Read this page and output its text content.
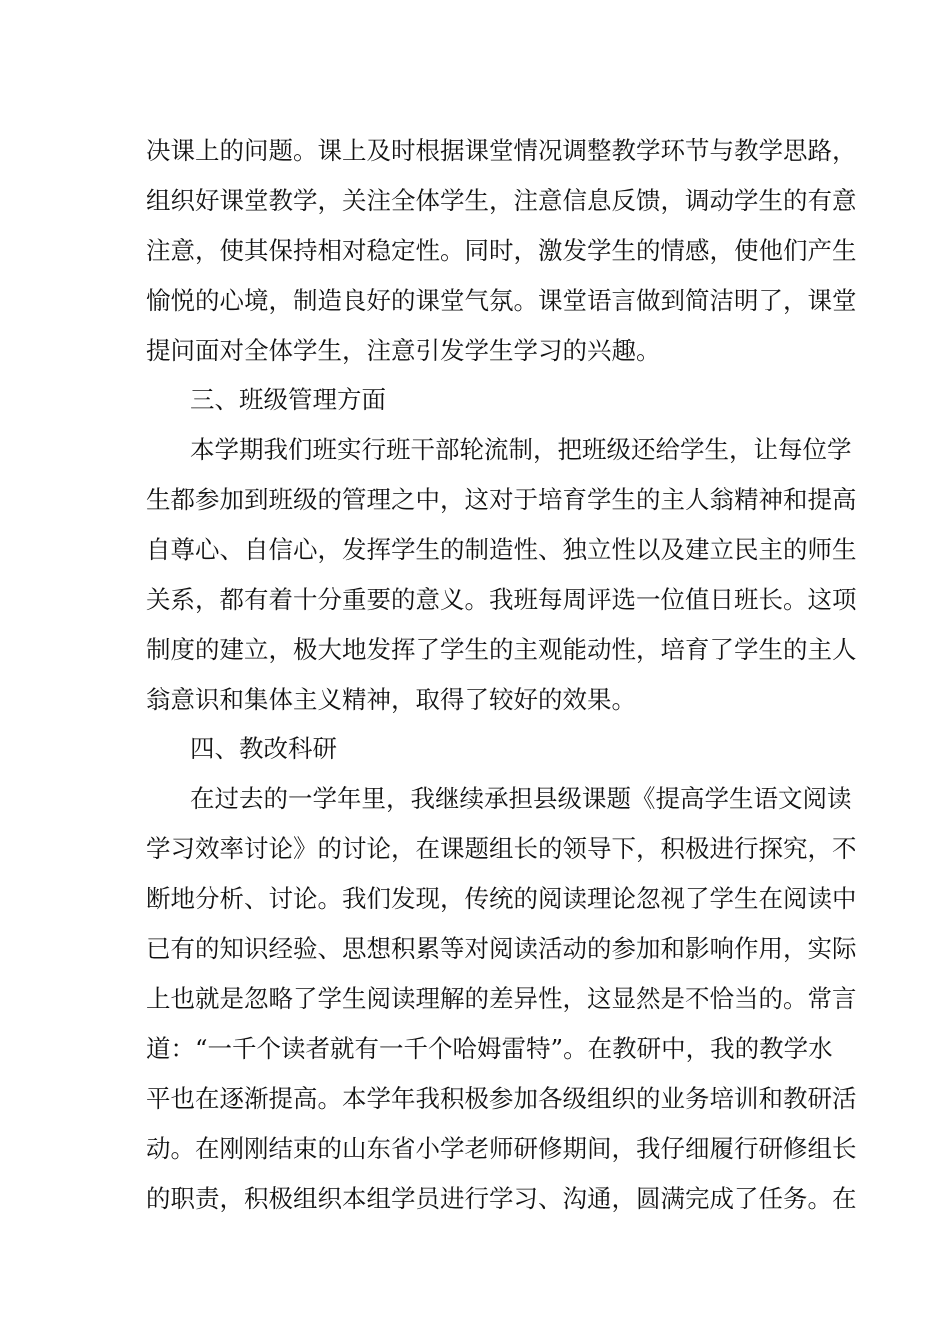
决 课 上 的 问 题 。 课 上 及 时 根 据 课 堂 情 况 调 整 教 学 环 节 与 教 学 思 路 ，
组 织 好 课 堂 教 学 ， 关 注 全 体 学 生 ， 注 意 信 息 反 馈 ， 调 动 学 生 的 有 意
注 意 ， 使 其 保 持 相 对 稳 定 性 。 同 时 ， 激 发 学 生 的 情 感 ， 使 他 们 产 生
愉 悦 的 心 境 ， 制 造 良 好 的 课 堂 气 氛 。 课 堂 语 言 做 到 简 洁 明 了 ， 课 堂
提问面对全体学生，注意引发学生学习的兴趣。
三、班级管理方面
本 学 期 我 们 班 实 行 班 干 部 轮 流 制 ， 把 班 级 还 给 学 生 ， 让 每 位 学
生 都 参 加 到 班 级 的 管 理 之 中 ， 这 对 于 培 育 学 生 的 主 人 翁 精 神 和 提 高
自 尊 心 、 自 信 心 ， 发 挥 学 生 的 制 造 性 、 独 立 性 以 及 建 立 民 主 的 师 生
关 系 ， 都 有 着 十 分 重 要 的 意 义 。 我 班 每 周 评 选 一 位 值 日 班 长 。 这 项
制 度 的 建 立 ， 极 大 地 发 挥 了 学 生 的 主 观 能 动 性 ， 培 育 了 学 生 的 主 人
翁意识和集体主义精神，取得了较好的效果。
四、教改科研
在 过 去 的 一 学 年 里 ， 我 继 续 承 担 县 级 课 题 《 提 高 学 生 语 文 阅 读
学 习 效 率 讨 论 》 的 讨 论 ， 在 课 题 组 长 的 领 导 下 ， 积 极 进 行 探 究 ， 不
断 地 分 析 、 讨 论 。 我 们 发 现 ， 传 统 的 阅 读 理 论 忽 视 了 学 生 在 阅 读 中
已 有 的 知 识 经 验 、 思 想 积 累 等 对 阅 读 活 动 的 参 加 和 影 响 作 用 ， 实 际
上 也 就 是 忽 略 了 学 生 阅 读 理 解 的 差 异 性 ， 这 显 然 是 不 恰 当 的 。 常 言
道 ： “ 一 千 个 读 者 就 有 一 千 个 哈 姆 雷 特 ” 。 在 教 研 中 ， 我 的 教 学 水
平 也 在 逐 渐 提 高 。 本 学 年 我 积 极 参 加 各 级 组 织 的 业 务 培 训 和 教 研 活
动 。 在 刚 刚 结 束 的 山 东 省 小 学 老 师 研 修 期 间 ， 我 仔 细 履 行 研 修 组 长
的 职 责 ， 积 极 组 织 本 组 学 员 进 行 学 习 、 沟 通 ， 圆 满 完 成 了 任 务 。 在
